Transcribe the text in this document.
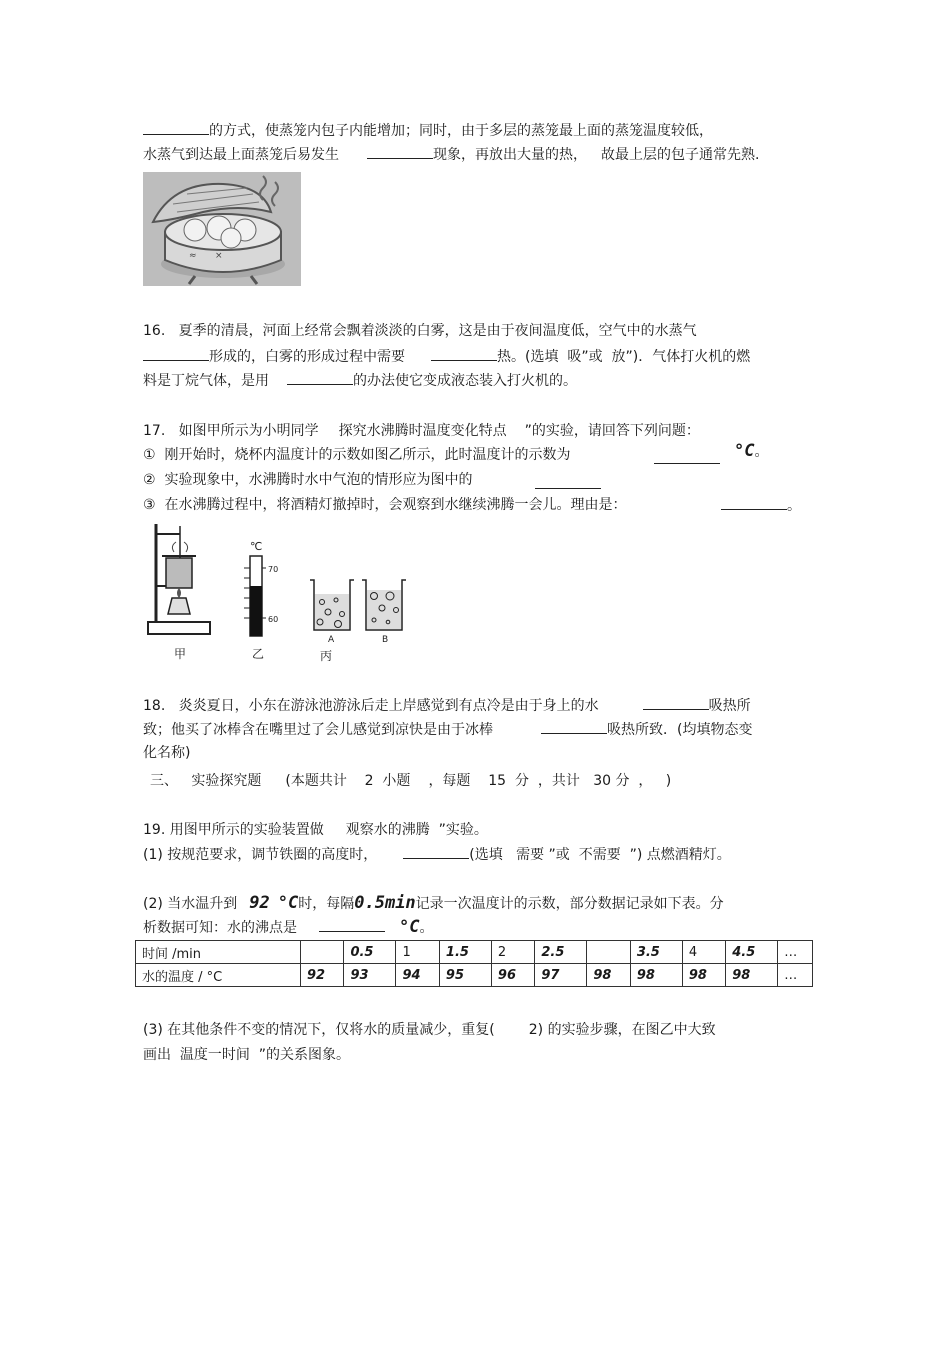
的方式，使蒸笼内包子内能增加；同时，由于多层的蒸笼最上面的蒸笼温度较低，
水蒸气到达最上面蒸笼后易发生	现象，再放出大量的热， 故最上层的包子通常先熟.
≈ ×
16.   夏季的清晨，河面上经常会飘着淡淡的白雾，这是由于夜间温度低，空气中的水蒸气
形成的，白雾的形成过程中需要	热。(选填  吸”或  放”)．气体打火机的燃
料是丁烷气体，是用	的办法使它变成液态装入打火机的。
17.   如图甲所示为小明同学 探究水沸腾时温度变化特点 ”的实验，请回答下列问题：
①  刚开始时，烧杯内温度计的示数如图乙所示，此时温度计的示数为	°C。
②  实验现象中，水沸腾时水中气泡的情形应为图中的
③  在水沸腾过程中，将酒精灯撤掉时，会观察到水继续沸腾一会儿。理由是：	。
甲
℃
70
60
乙
A	B
丙
18.   炎炎夏日，小东在游泳池游泳后走上岸感觉到有点冷是由于身上的水	吸热所
致；他买了冰棒含在嘴里过了会儿感觉到凉快是由于冰棒	吸热所致．(均填物态变
化名称)
三、   实验探究题 (本题共计    2  小题 ，每题    15  分  ，共计   30 分  ，   )
19. 用图甲所示的实验装置做 观察水的沸腾  ”实验。
(1) 按规范要求，调节铁圈的高度时，	(选填   需要 ”或  不需要  ”) 点燃酒精灯。
(2) 当水温升到 92 °C时，每隔0.5min记录一次温度计的示数，部分数据记录如下表。分
析数据可知：水的沸点是	°C。
时间 /min		0.5	1	1.5	2	2.5		3.5	4	4.5	…
水的温度 / °C	92	93	94	95	96	97	98	98	98	98	…
(3) 在其他条件不变的情况下，仅将水的质量减少，重复( 2) 的实验步骤，在图乙中大致
画出  温度一时间  ”的关系图象。
